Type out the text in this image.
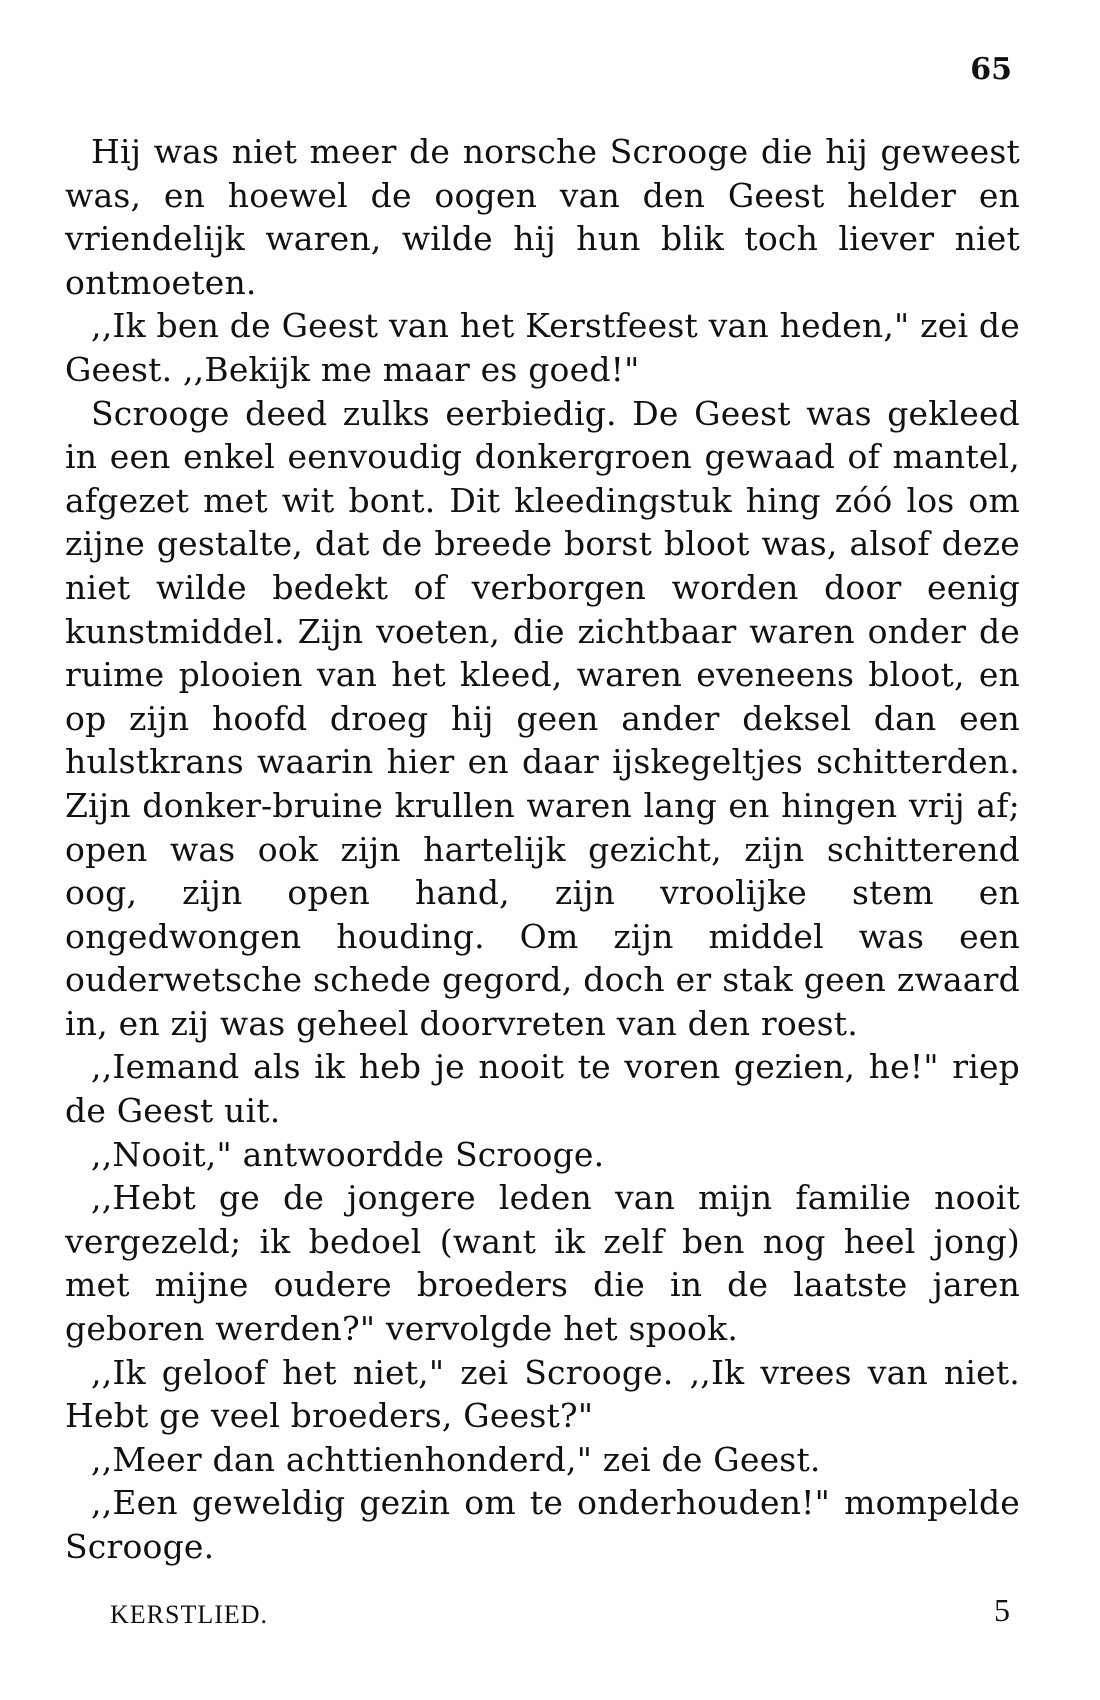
65

Hij was niet meer de norsche Scrooge die hij geweest was, en hoewel de oogen van den Geest helder en vriendelijk waren, wilde hij hun blik toch liever niet ontmoeten.

,,Ik ben de Geest van het Kerstfeest van heden," zei de Geest. ,,Bekijk me maar es goed!"

Scrooge deed zulks eerbiedig. De Geest was gekleed in een enkel eenvoudig donkergroen gewaad of mantel, afgezet met wit bont. Dit kleedingstuk hing zóó los om zijne gestalte, dat de breede borst bloot was, alsof deze niet wilde bedekt of verborgen worden door eenig kunstmiddel. Zijn voeten, die zichtbaar waren onder de ruime plooien van het kleed, waren eveneens bloot, en op zijn hoofd droeg hij geen ander deksel dan een hulstkrans waarin hier en daar ijskegeltjes schitterden. Zijn donker-bruine krullen waren lang en hingen vrij af; open was ook zijn hartelijk gezicht, zijn schitterend oog, zijn open hand, zijn vroolijke stem en ongedwongen houding. Om zijn middel was een ouderwetsche schede gegord, doch er stak geen zwaard in, en zij was geheel doorvreten van den roest.

,,Iemand als ik heb je nooit te voren gezien, he!" riep de Geest uit.

,,Nooit," antwoordde Scrooge.

,,Hebt ge de jongere leden van mijn familie nooit vergezeld; ik bedoel (want ik zelf ben nog heel jong) met mijne oudere broeders die in de laatste jaren geboren werden?" vervolgde het spook.

,,Ik geloof het niet," zei Scrooge. ,,Ik vrees van niet. Hebt ge veel broeders, Geest?"

,,Meer dan achttienhonderd," zei de Geest.

,,Een geweldig gezin om te onderhouden!" mompelde Scrooge.

KERSTLIED.	5
